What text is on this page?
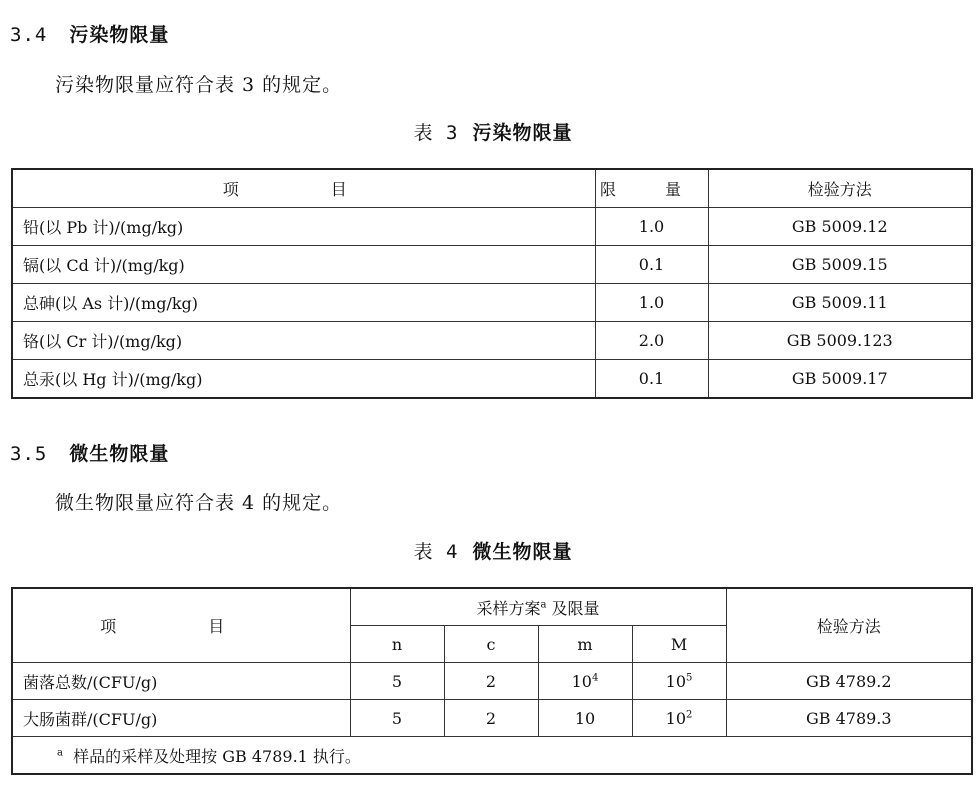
3.4 污染物限量
污染物限量应符合表 3 的规定。
表 3 污染物限量
项　目	限 量	检验方法
铅(以 Pb 计)/(mg/kg)	1.0	GB 5009.12
镉(以 Cd 计)/(mg/kg)	0.1	GB 5009.15
总砷(以 As 计)/(mg/kg)	1.0	GB 5009.11
铬(以 Cr 计)/(mg/kg)	2.0	GB 5009.123
总汞(以 Hg 计)/(mg/kg)	0.1	GB 5009.17
3.5 微生物限量
微生物限量应符合表 4 的规定。
表 4 微生物限量
项　目	采样方案$^a$ 及限量				检验方法
	n	c	m	M	
菌落总数/(CFU/g)	5	2	$10^4$	$10^5$	GB 4789.2
大肠菌群/(CFU/g)	5	2	10	$10^2$	GB 4789.3
$^a$ 样品的采样及处理按 GB 4789.1 执行。					
